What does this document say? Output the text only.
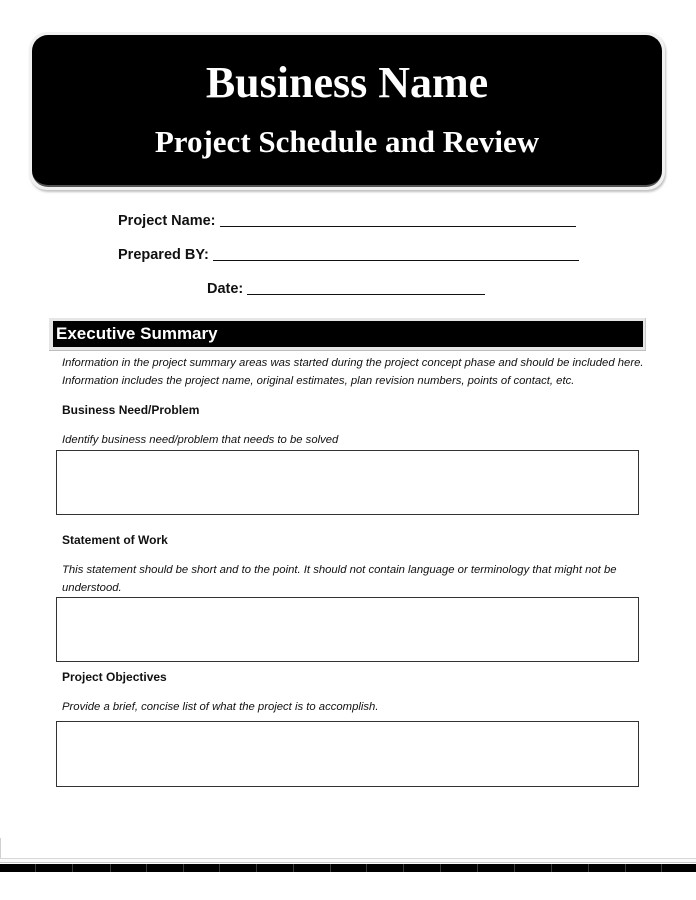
Business Name
Project Schedule and Review
Project Name:
Prepared BY:
Date:
Executive Summary
Information in the project summary areas was started during the project concept phase and should be included here. Information includes the project name, original estimates, plan revision numbers, points of contact, etc.
Business Need/Problem
Identify business need/problem that needs to be solved
Statement of Work
This statement should be short and to the point. It should not contain language or terminology that might not be understood.
Project Objectives
Provide a brief, concise list of what the project is to accomplish.
